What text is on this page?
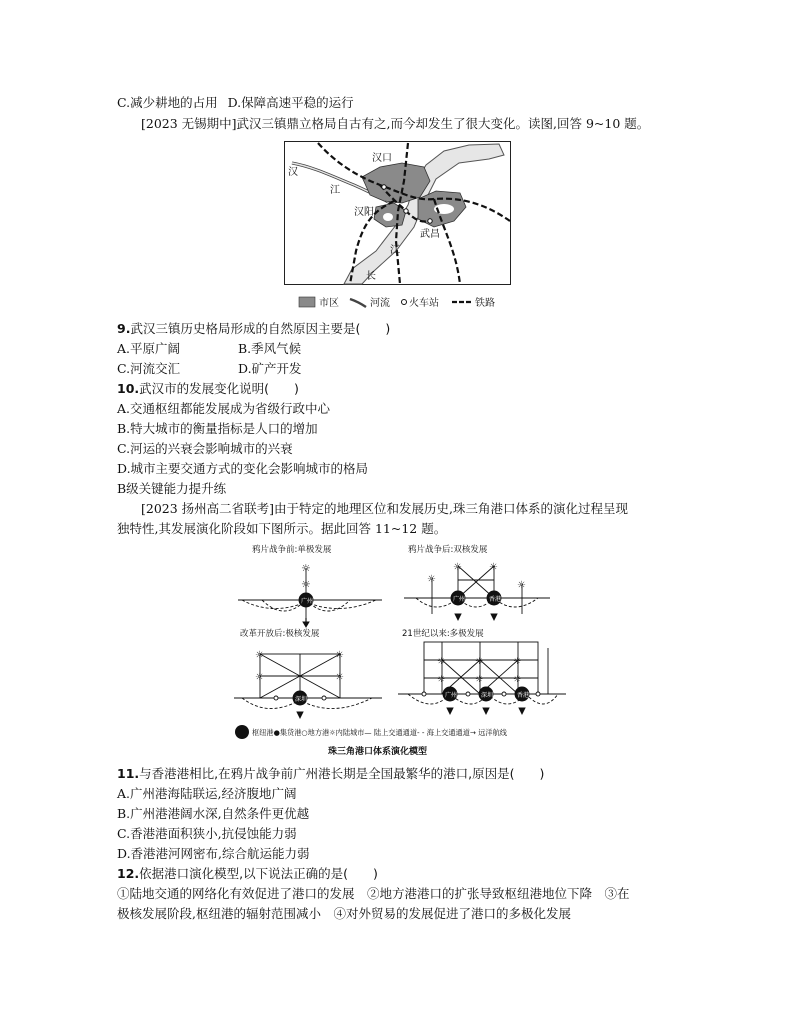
C.减少耕地的占用 D.保障高速平稳的运行
[2023 无锡期中]武汉三镇鼎立格局自古有之,而今却发生了很大变化。读图,回答 9~10 题。
汉口
汉
江
汉阳
武昌
江
长
市区	河流 火车站	铁路
9.武汉三镇历史格局形成的自然原因主要是(　　)
A.平原广阔	B.季风气候
C.河流交汇	D.矿产开发
10.武汉市的发展变化说明(　　)
A.交通枢纽都能发展成为省级行政中心
B.特大城市的衡量指标是人口的增加
C.河运的兴衰会影响城市的兴衰
D.城市主要交通方式的变化会影响城市的格局
B级关键能力提升练
[2023 扬州高二省联考]由于特定的地理区位和发展历史,珠三角港口体系的演化过程呈现
独特性,其发展演化阶段如下图所示。据此回答 11~12 题。
鸦片战争前:单极发展	鸦片战争后:双核发展
改革开放后:极核发展	21世纪以来:多极发展
广州
☼
☼
广州	香港
☼	☼
☼
☼
深圳
☼	☼
☼	☼
广州	深圳	香港
☼	☼	☼
☼	☼	☼
枢纽港●集货港○地方港☼内陆城市— 陆上交通通道- - 海上交通通道→ 远洋航线
珠三角港口体系演化模型
11.与香港港相比,在鸦片战争前广州港长期是全国最繁华的港口,原因是(　　)
A.广州港海陆联运,经济腹地广阔
B.广州港港阔水深,自然条件更优越
C.香港港面积狭小,抗侵蚀能力弱
D.香港港河网密布,综合航运能力弱
12.依据港口演化模型,以下说法正确的是(　　)
①陆地交通的网络化有效促进了港口的发展　②地方港港口的扩张导致枢纽港地位下降　③在
极核发展阶段,枢纽港的辐射范围减小　④对外贸易的发展促进了港口的多极化发展
